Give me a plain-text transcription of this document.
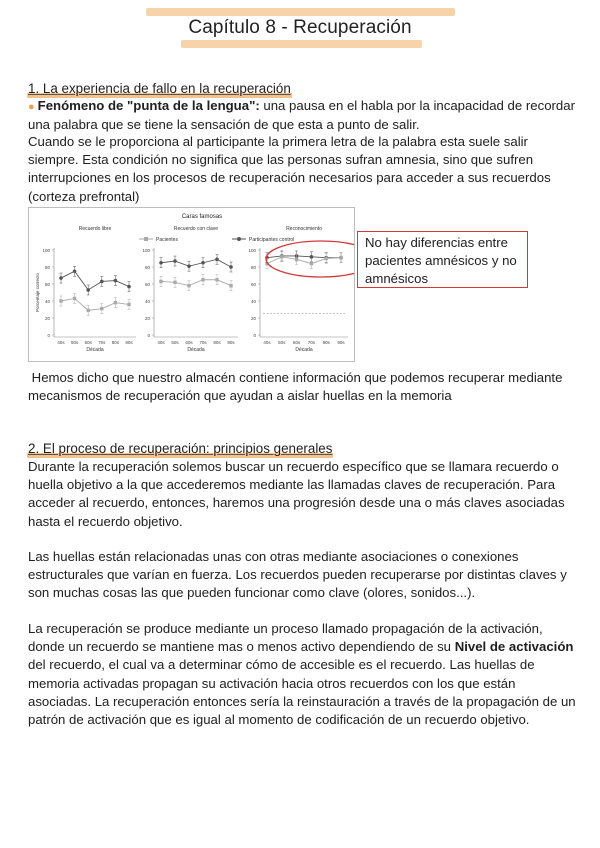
Capítulo 8 - Recuperación
1. La experiencia de fallo en la recuperación
● Fenómeno de "punta de la lengua": una pausa en el habla por la incapacidad de recordar una palabra que se tiene la sensación de que esta a punto de salir.
Cuando se le proporciona al participante la primera letra de la palabra esta suele salir siempre. Esta condición no significa que las personas sufran amnesia, sino que sufren interrupciones en los procesos de recuperación necesarios para acceder a sus recuerdos (corteza prefrontal)
Caras famosas
Pacientes	Participantes control
Recuerdo libre
0
20
40
60
80
100
40s 50s 60s 70s 80s 90s
Década
Porcentaje correcto
Recuerdo con clave
0
20
40
60
80
100
40s 50s 60s 70s 80s 90s
Década
Reconocimiento
0
20
40
60
80
100
40s 50s 60s 70s 80s 90s
Década
No hay diferencias entre pacientes amnésicos y no amnésicos
Hemos dicho que nuestro almacén contiene información que podemos recuperar mediante mecanismos de recuperación que ayudan a aislar huellas en la memoria
2. El proceso de recuperación: principios generales
Durante la recuperación solemos buscar un recuerdo específico que se llamara recuerdo o huella objetivo a la que accederemos mediante las llamadas claves de recuperación. Para acceder al recuerdo, entonces, haremos una progresión desde una o más claves asociadas hasta el recuerdo objetivo.
Las huellas están relacionadas unas con otras mediante asociaciones o conexiones estructurales que varían en fuerza. Los recuerdos pueden recuperarse por distintas claves y son muchas cosas las que pueden funcionar como clave (olores, sonidos...).
La recuperación se produce mediante un proceso llamado propagación de la activación, donde un recuerdo se mantiene mas o menos activo dependiendo de su Nivel de activación del recuerdo, el cual va a determinar cómo de accesible es el recuerdo. Las huellas de memoria activadas propagan su activación hacia otros recuerdos con los que están asociadas. La recuperación entonces sería la reinstauración a través de la propagación de un patrón de activación que es igual al momento de codificación de un recuerdo objetivo.
